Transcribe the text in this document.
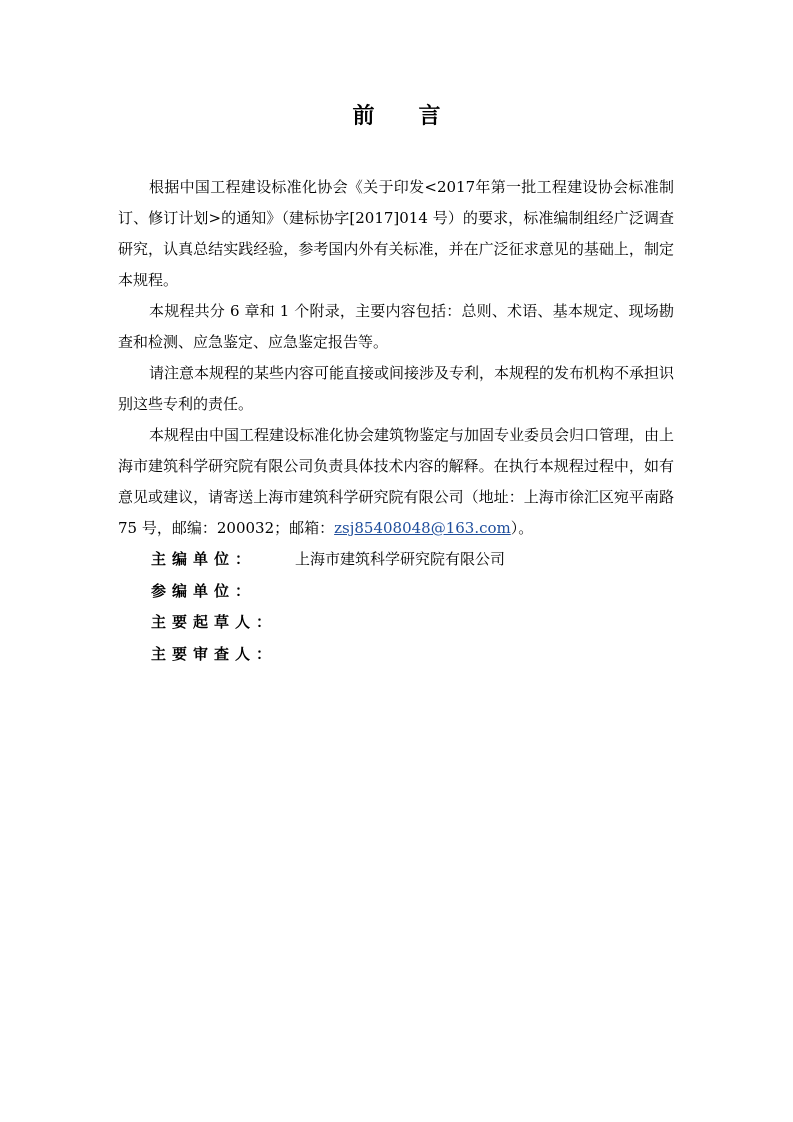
前 言

根据中国工程建设标准化协会《关于印发<2017年第一批工程建设协会标准制订、修订计划>的通知》（建标协字[2017]014 号）的要求，标准编制组经广泛调查研究，认真总结实践经验，参考国内外有关标准，并在广泛征求意见的基础上，制定本规程。

本规程共分 6 章和 1 个附录，主要内容包括：总则、术语、基本规定、现场勘查和检测、应急鉴定、应急鉴定报告等。

请注意本规程的某些内容可能直接或间接涉及专利，本规程的发布机构不承担识别这些专利的责任。

本规程由中国工程建设标准化协会建筑物鉴定与加固专业委员会归口管理，由上海市建筑科学研究院有限公司负责具体技术内容的解释。在执行本规程过程中，如有意见或建议，请寄送上海市建筑科学研究院有限公司（地址：上海市徐汇区宛平南路 75 号，邮编：200032；邮箱：zsj85408048@163.com）。

主编单位：	上海市建筑科学研究院有限公司
参编单位：
主要起草人：
主要审查人：
